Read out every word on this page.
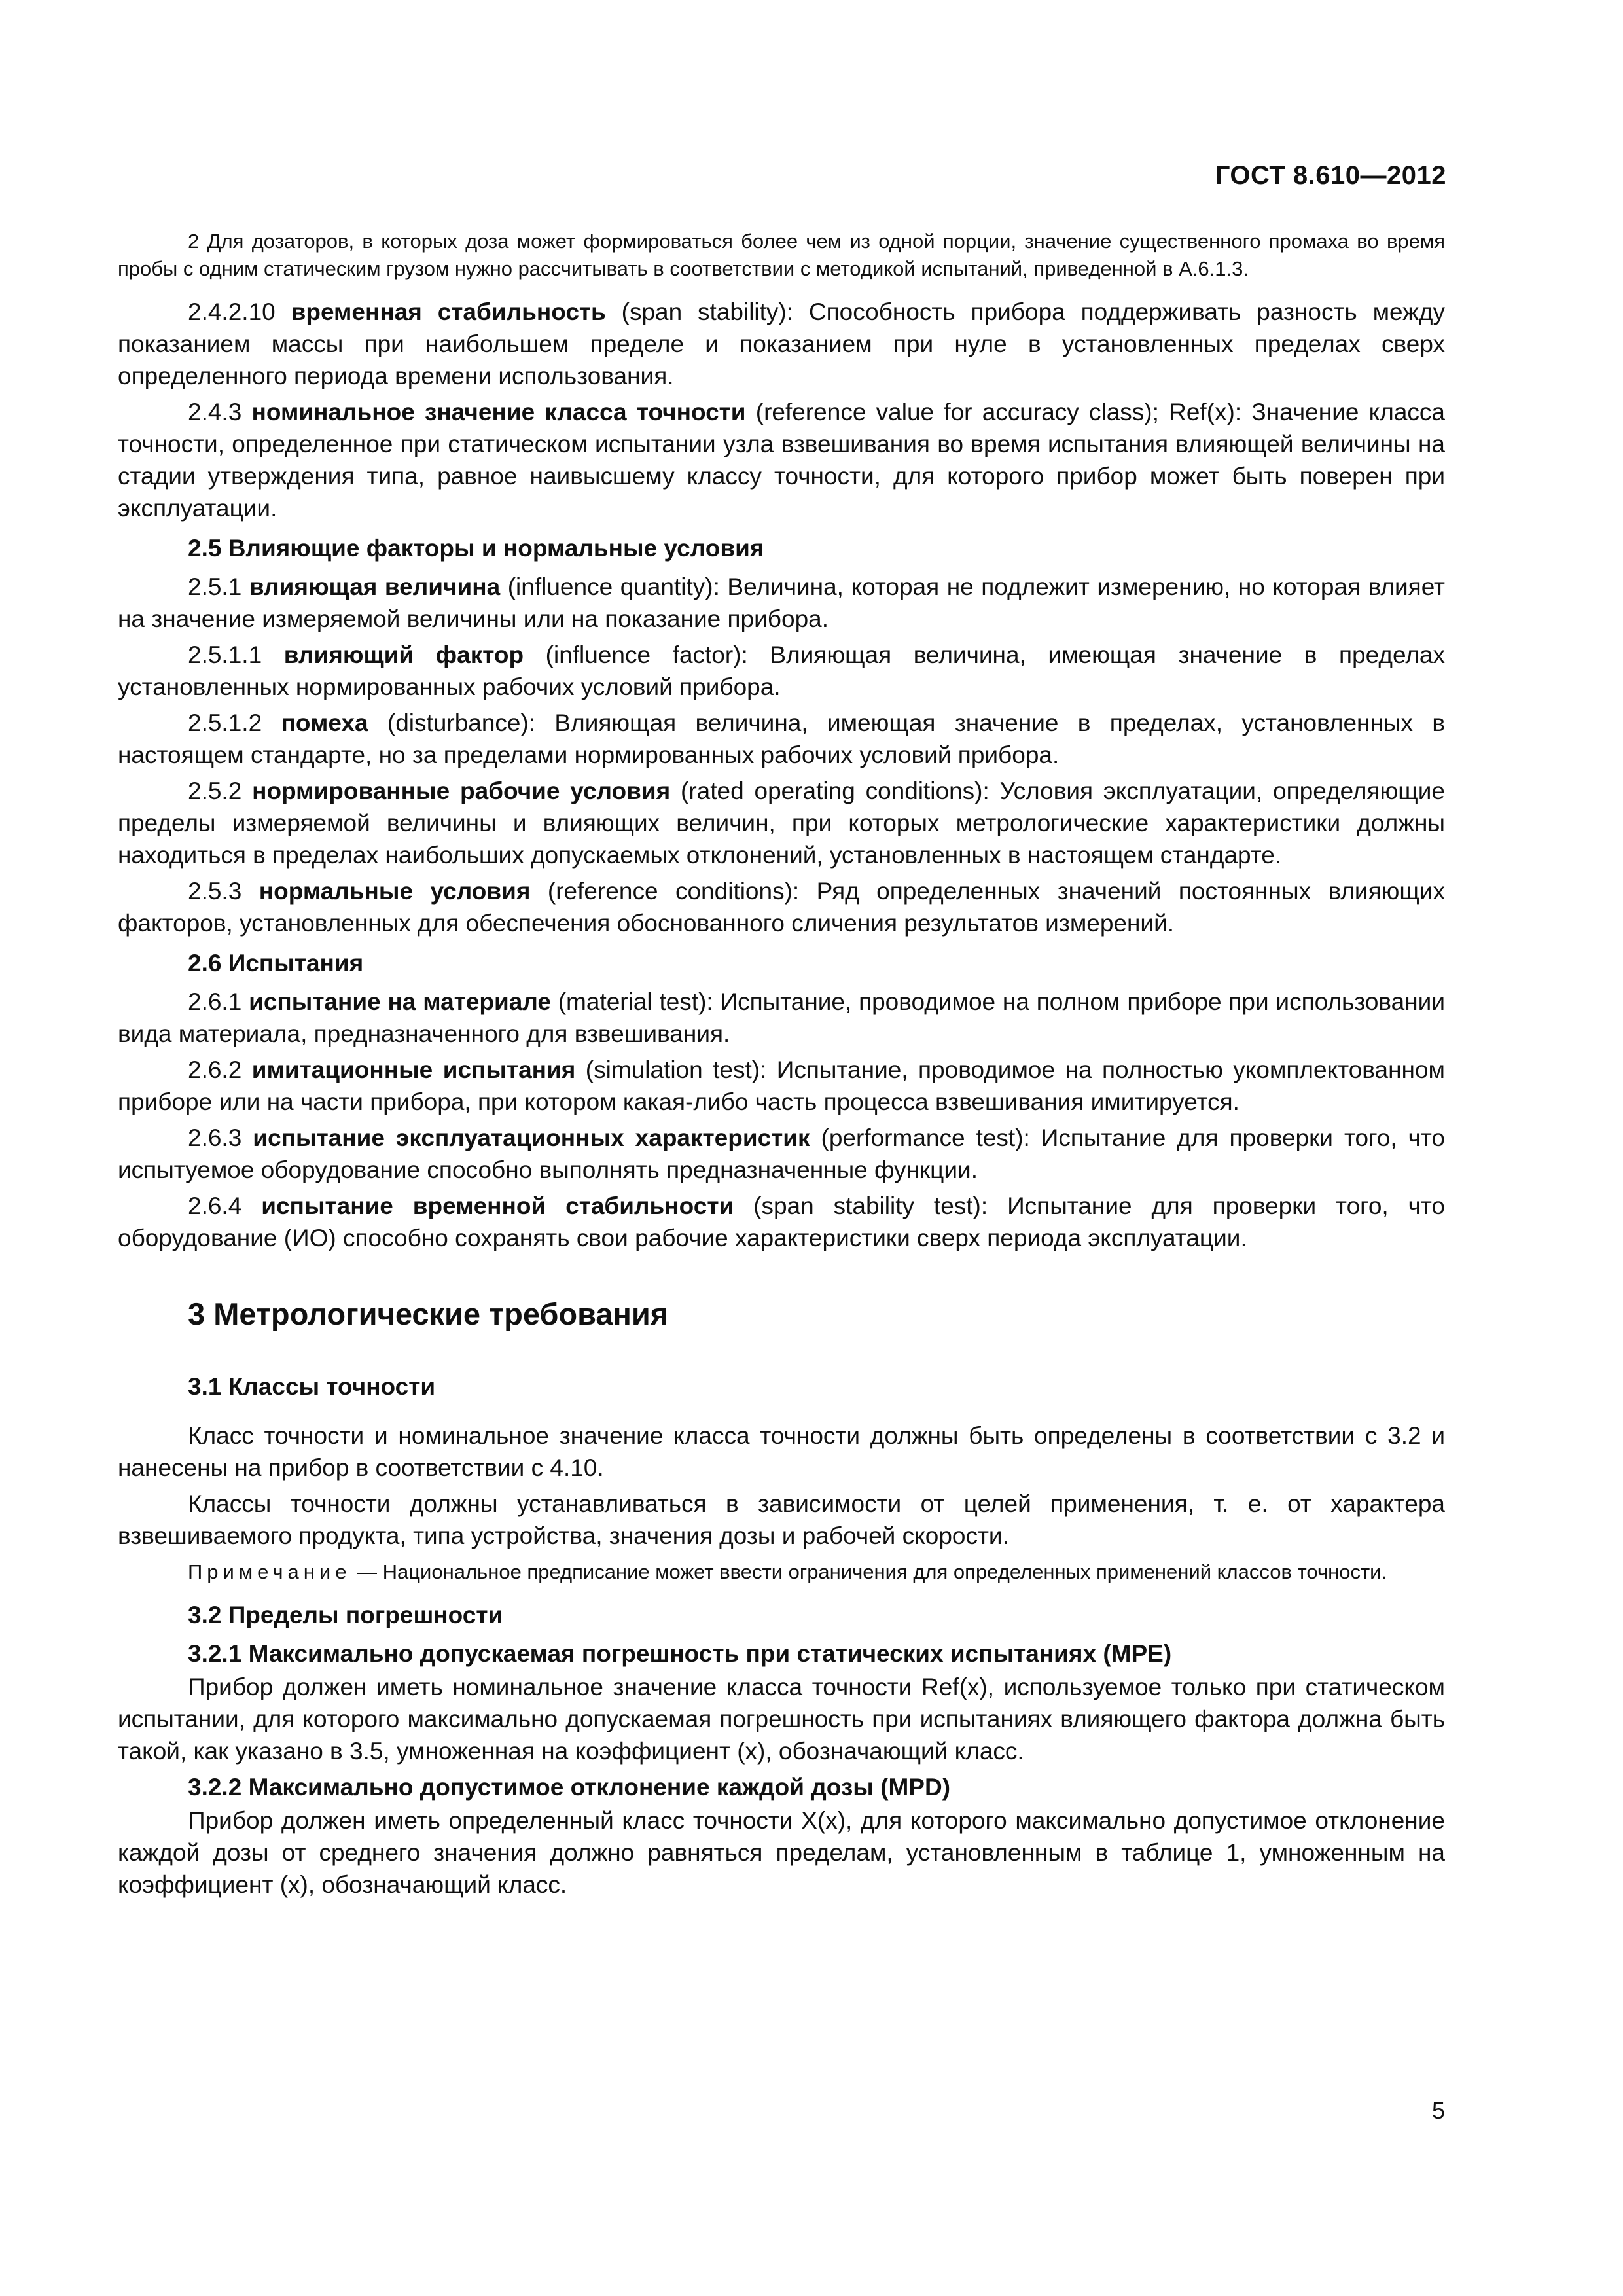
ГОСТ 8.610—2012

2 Для дозаторов, в которых доза может формироваться более чем из одной порции, значение существенного промаха во время пробы с одним статическим грузом нужно рассчитывать в соответствии с методикой испытаний, приведенной в А.6.1.3.

2.4.2.10 временная стабильность (span stability): Способность прибора поддерживать разность между показанием массы при наибольшем пределе и показанием при нуле в установленных пределах сверх определенного периода времени использования.

2.4.3 номинальное значение класса точности (reference value for accuracy class); Ref(x): Значение класса точности, определенное при статическом испытании узла взвешивания во время испытания влияющей величины на стадии утверждения типа, равное наивысшему классу точности, для которого прибор может быть поверен при эксплуатации.

2.5 Влияющие факторы и нормальные условия

2.5.1 влияющая величина (influence quantity): Величина, которая не подлежит измерению, но которая влияет на значение измеряемой величины или на показание прибора.

2.5.1.1 влияющий фактор (influence factor): Влияющая величина, имеющая значение в пределах установленных нормированных рабочих условий прибора.

2.5.1.2 помеха (disturbance): Влияющая величина, имеющая значение в пределах, установленных в настоящем стандарте, но за пределами нормированных рабочих условий прибора.

2.5.2 нормированные рабочие условия (rated operating conditions): Условия эксплуатации, определяющие пределы измеряемой величины и влияющих величин, при которых метрологические характеристики должны находиться в пределах наибольших допускаемых отклонений, установленных в настоящем стандарте.

2.5.3 нормальные условия (reference conditions): Ряд определенных значений постоянных влияющих факторов, установленных для обеспечения обоснованного сличения результатов измерений.

2.6 Испытания

2.6.1 испытание на материале (material test): Испытание, проводимое на полном приборе при использовании вида материала, предназначенного для взвешивания.

2.6.2 имитационные испытания (simulation test): Испытание, проводимое на полностью укомплектованном приборе или на части прибора, при котором какая-либо часть процесса взвешивания имитируется.

2.6.3 испытание эксплуатационных характеристик (performance test): Испытание для проверки того, что испытуемое оборудование способно выполнять предназначенные функции.

2.6.4 испытание временной стабильности (span stability test): Испытание для проверки того, что оборудование (ИО) способно сохранять свои рабочие характеристики сверх периода эксплуатации.

3 Метрологические требования
3.1 Классы точности

Класс точности и номинальное значение класса точности должны быть определены в соответствии с 3.2 и нанесены на прибор в соответствии с 4.10.

Классы точности должны устанавливаться в зависимости от целей применения, т. е. от характера взвешиваемого продукта, типа устройства, значения дозы и рабочей скорости.

Примечание — Национальное предписание может ввести ограничения для определенных применений классов точности.

3.2 Пределы погрешности
3.2.1 Максимально допускаемая погрешность при статических испытаниях (МРЕ)

Прибор должен иметь номинальное значение класса точности Ref(x), используемое только при статическом испытании, для которого максимально допускаемая погрешность при испытаниях влияющего фактора должна быть такой, как указано в 3.5, умноженная на коэффициент (x), обозначающий класс.

3.2.2 Максимально допустимое отклонение каждой дозы (MPD)

Прибор должен иметь определенный класс точности X(x), для которого максимально допустимое отклонение каждой дозы от среднего значения должно равняться пределам, установленным в таблице 1, умноженным на коэффициент (x), обозначающий класс.

5
